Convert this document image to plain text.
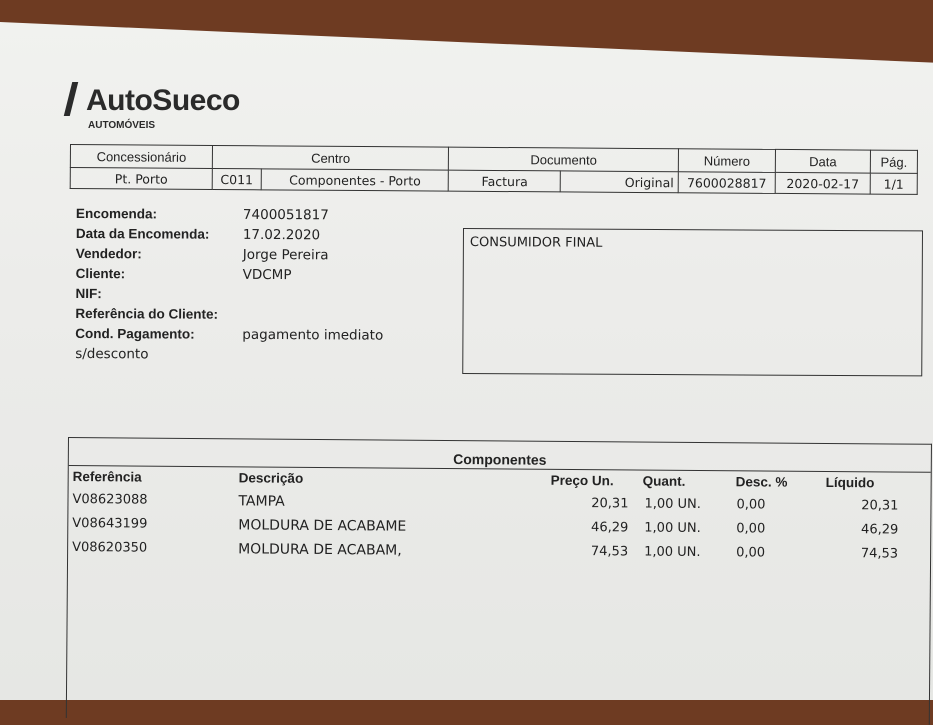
AutoSueco
AUTOMÓVEIS
Concessionário	Centro		Documento		Número	Data	Pág.
Pt. Porto	C011	Componentes - Porto	Factura	Original	7600028817	2020-02-17	1/1
Encomenda:	7400051817
Data da Encomenda: 17.02.2020
Vendedor:	Jorge Pereira
Cliente:	VDCMP
NIF:
Referência do Cliente:
Cond. Pagamento:	pagamento imediato
s/desconto
CONSUMIDOR FINAL
Componentes
Referência	Descrição	Preço Un. Quant.	Desc. %	Líquido
V08623088	TAMPA	20,31 1,00 UN.	0,00	20,31
V08643199	MOLDURA DE ACABAME	46,29 1,00 UN.	0,00	46,29
V08620350	MOLDURA DE ACABAM,	74,53 1,00 UN.	0,00	74,53
